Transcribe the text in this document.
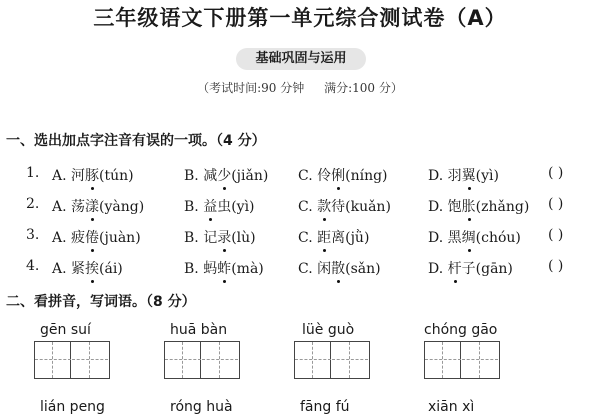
三年级语文下册第一单元综合测试卷（A）
基础巩固与运用
（考试时间:90 分钟 满分:100 分）
一、选出加点字注音有误的一项。（4 分）
1. A. 河豚(tún)	B. 减少(jiǎn) C. 伶俐(níng)	D. 羽翼(yì)	( )
2. A. 荡漾(yàng)	B. 益虫(yì)	C. 款待(kuǎn)	D. 饱胀(zhǎng) ( )
3. A. 疲倦(juàn)	B. 记录(lù)	C. 距离(jǜ)	D. 黑绸(chóu) ( )
4. A. 紧挨(ái)	B. 蚂蚱(mà) C. 闲散(sǎn)	D. 杆子(gān)	( )
二、看拼音，写词语。（8 分）
gēn suí	huā bàn	lüè guò	chóng gāo
lián peng	róng huà	fāng fú	xiān xì
